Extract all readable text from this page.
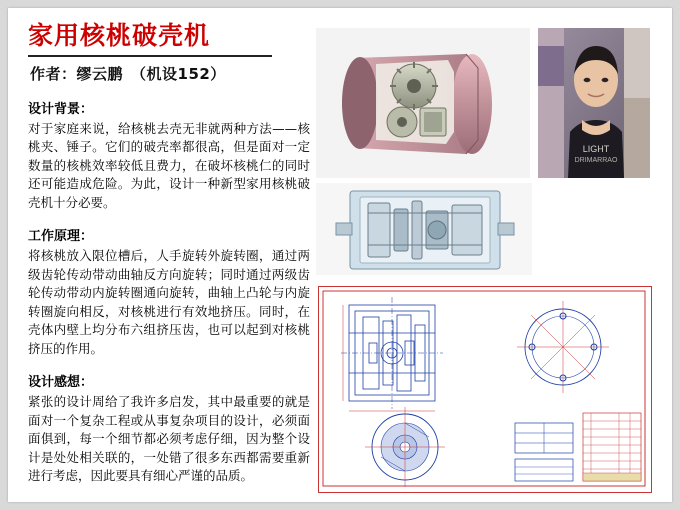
家用核桃破壳机
作者：缪云鹏　（机设152）
设计背景：

对于家庭来说，给核桃去壳无非就两种方法——核桃夹、锤子。它们的破壳率都很高，但是面对一定数量的核桃效率较低且费力，在破坏核桃仁的同时还可能造成危险。为此，设计一种新型家用核桃破壳机十分必要。

工作原理：

将核桃放入限位槽后，人手旋转外旋转圈，通过两级齿轮传动带动曲轴反方向旋转；同时通过两级齿轮传动带动内旋转圈通向旋转，曲轴上凸轮与内旋转圈旋向相反，对核桃进行有效地挤压。同时，在壳体内壁上均分布六组挤压齿，也可以起到对核桃挤压的作用。

设计感想：

紧张的设计周给了我许多启发，其中最重要的就是面对一个复杂工程或从事复杂项目的设计，必须面面俱到，每一个细节都必须考虑仔细，因为整个设计是处处相关联的，一处错了很多东西都需要重新进行考虑，因此要具有细心严谨的品质。

LIGHT
DRIMARRAO
